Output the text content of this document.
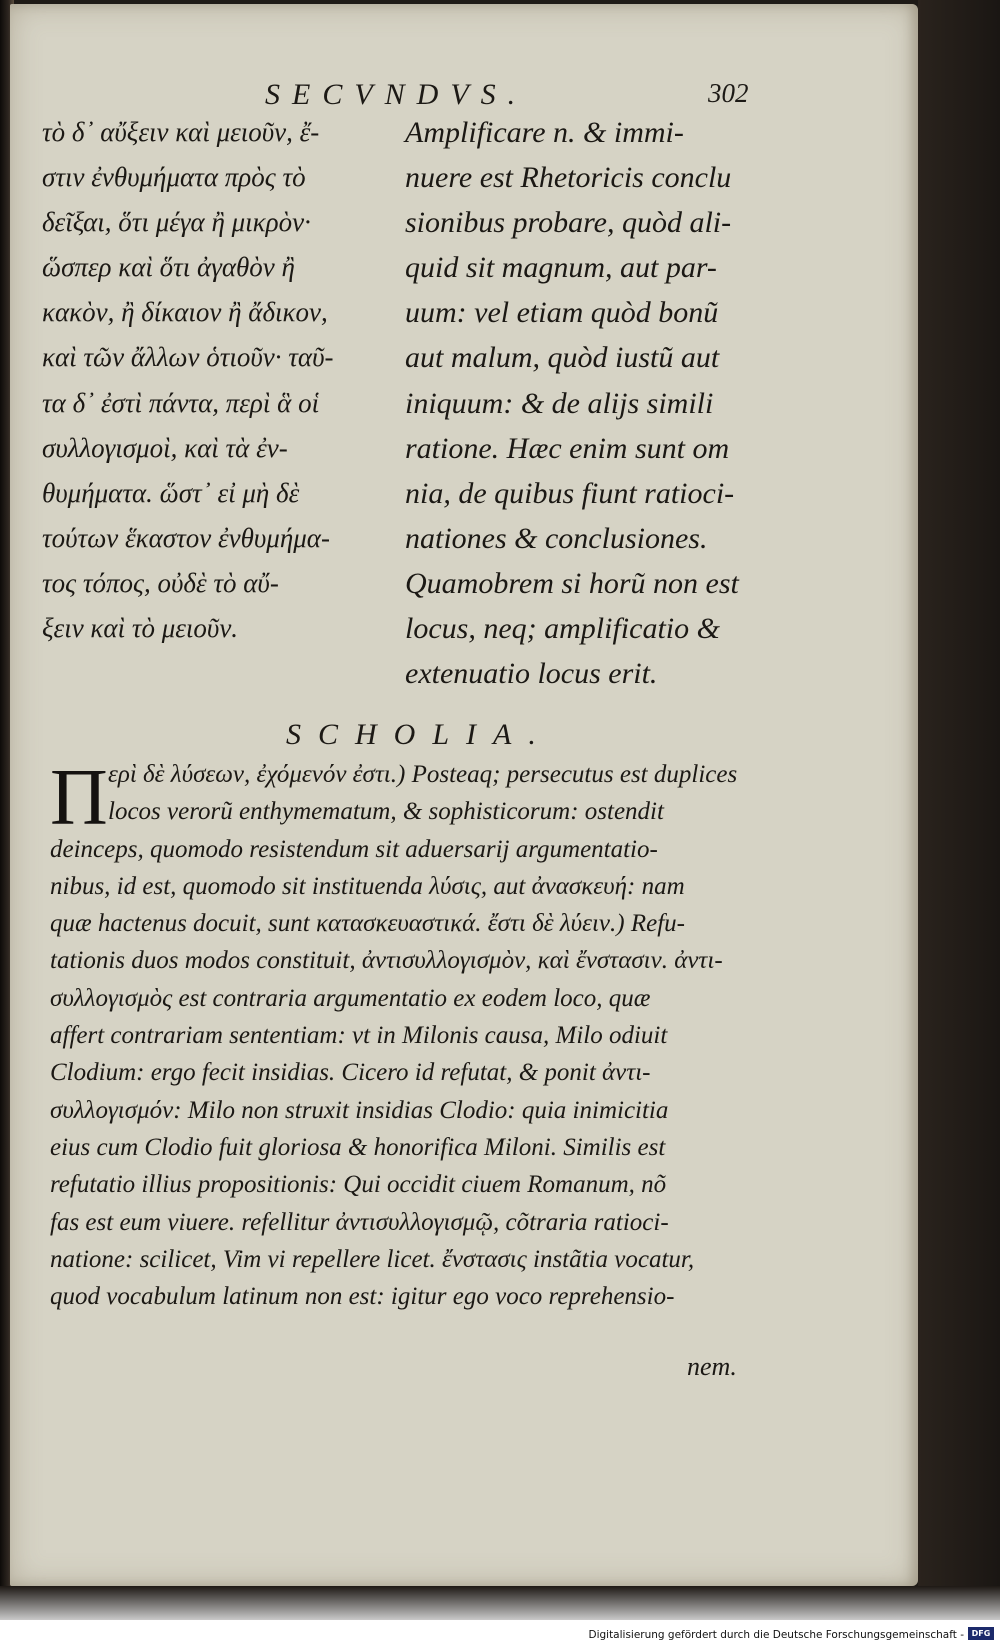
SECVNDVS.	302
τὸ δ᾽ αὔξειν καὶ μειοῦν, ἔ-
στιν ἐνθυμήματα πρὸς τὸ
δεῖξαι, ὅτι μέγα ἢ μικρὸν·
ὥσπερ καὶ ὅτι ἀγαθὸν ἢ
κακὸν, ἢ δίκαιον ἢ ἄδικον,
καὶ τῶν ἄλλων ὁτιοῦν· ταῦ-
τα δ᾽ ἐστὶ πάντα, περὶ ἃ οἱ
συλλογισμοὶ, καὶ τὰ ἐν-
θυμήματα. ὥστ᾽ εἰ μὴ δὲ
τούτων ἕκαστον ἐνθυμήμα-
τος τόπος, οὐδὲ τὸ αὔ-
ξειν καὶ τὸ μειοῦν.
Amplificare n. & immi-
nuere est Rhetoricis conclu
sionibus probare, quòd ali-
quid sit magnum, aut par-
uum: vel etiam quòd bonũ
aut malum, quòd iustũ aut
iniquum: & de alijs simili
ratione. Hæc enim sunt om
nia, de quibus fiunt ratioci-
nationes & conclusiones.
Quamobrem si horũ non est
locus, neq; amplificatio &
extenuatio locus erit.
SCHOLIA.
Π ερὶ δὲ λύσεων, ἐχόμενόν ἐστι.) Posteaq; persecutus est duplices
locos verorũ enthymematum, & sophisticorum: ostendit
deinceps, quomodo resistendum sit aduersarij argumentatio-
nibus, id est, quomodo sit instituenda λύσις, aut ἀνασκευή: nam
quæ hactenus docuit, sunt κατασκευαστικά. ἔστι δὲ λύειν.) Refu-
tationis duos modos constituit, ἀντισυλλογισμὸν, καὶ ἔνστασιν. ἀντι-
συλλογισμὸς est contraria argumentatio ex eodem loco, quæ
affert contrariam sententiam: vt in Milonis causa, Milo odiuit
Clodium: ergo fecit insidias. Cicero id refutat, & ponit ἀντι-
συλλογισμόν: Milo non struxit insidias Clodio: quia inimicitia
eius cum Clodio fuit gloriosa & honorifica Miloni. Similis est
refutatio illius propositionis: Qui occidit ciuem Romanum, nõ
fas est eum viuere. refellitur ἀντισυλλογισμῷ, cõtraria ratioci-
natione: scilicet, Vim vi repellere licet. ἔνστασις instãtia vocatur,
quod vocabulum latinum non est: igitur ego voco reprehensio-
nem.
Digitalisierung gefördert durch die Deutsche Forschungsgemeinschaft - DFG
